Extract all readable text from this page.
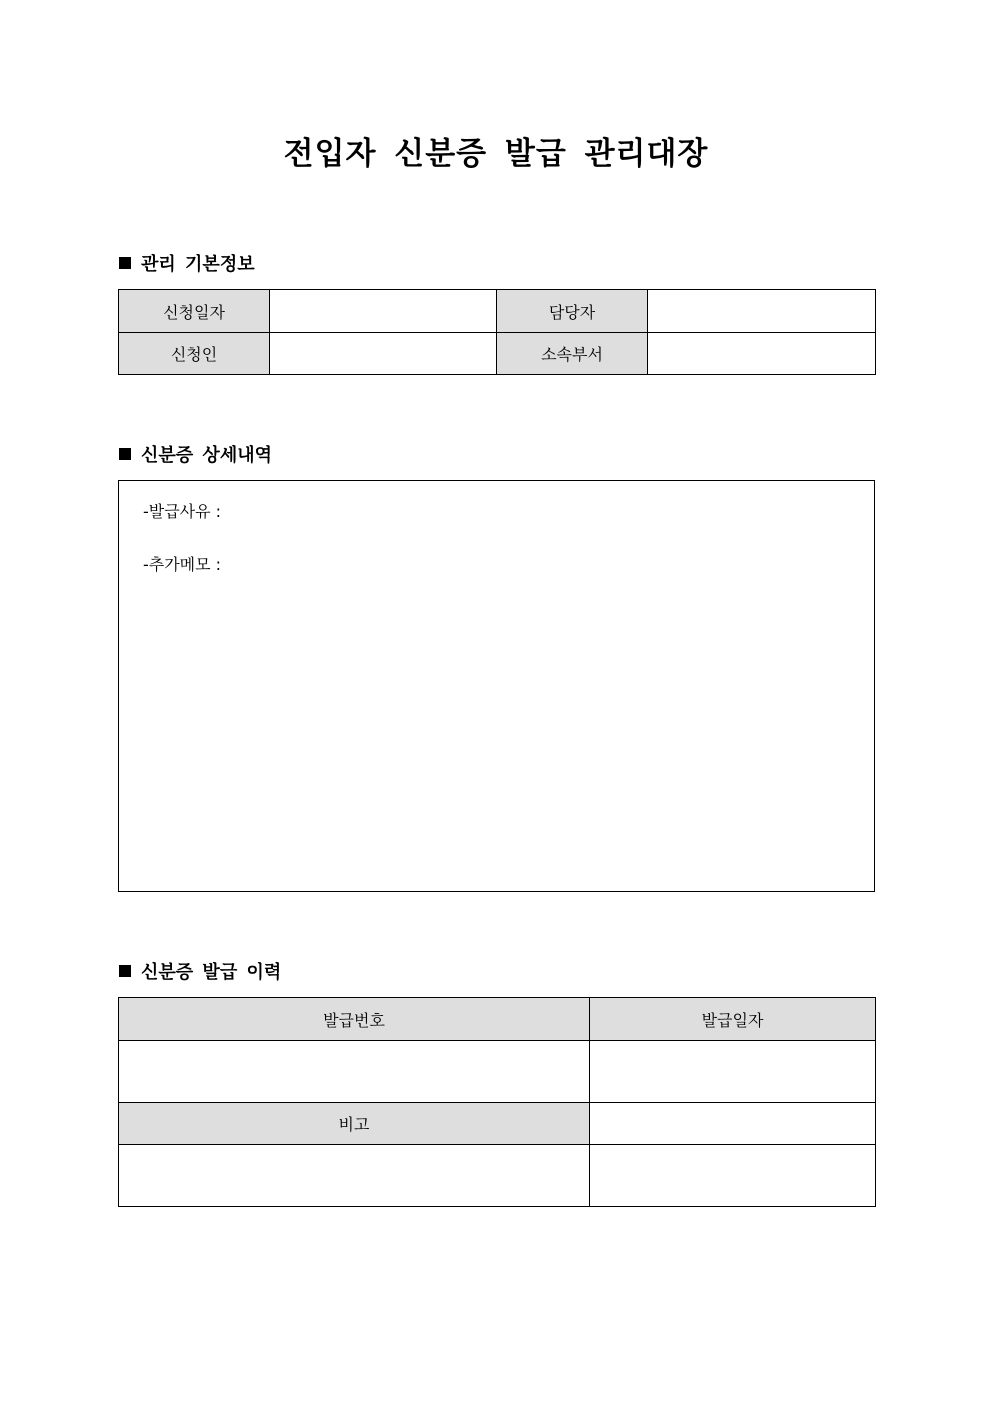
전입자 신분증 발급 관리대장
관리 기본정보
신청일자		담당자	
신청인		소속부서	
신분증 상세내역
-발급사유 :
-추가메모 :
신분증 발급 이력
발급번호	발급일자

비고	
